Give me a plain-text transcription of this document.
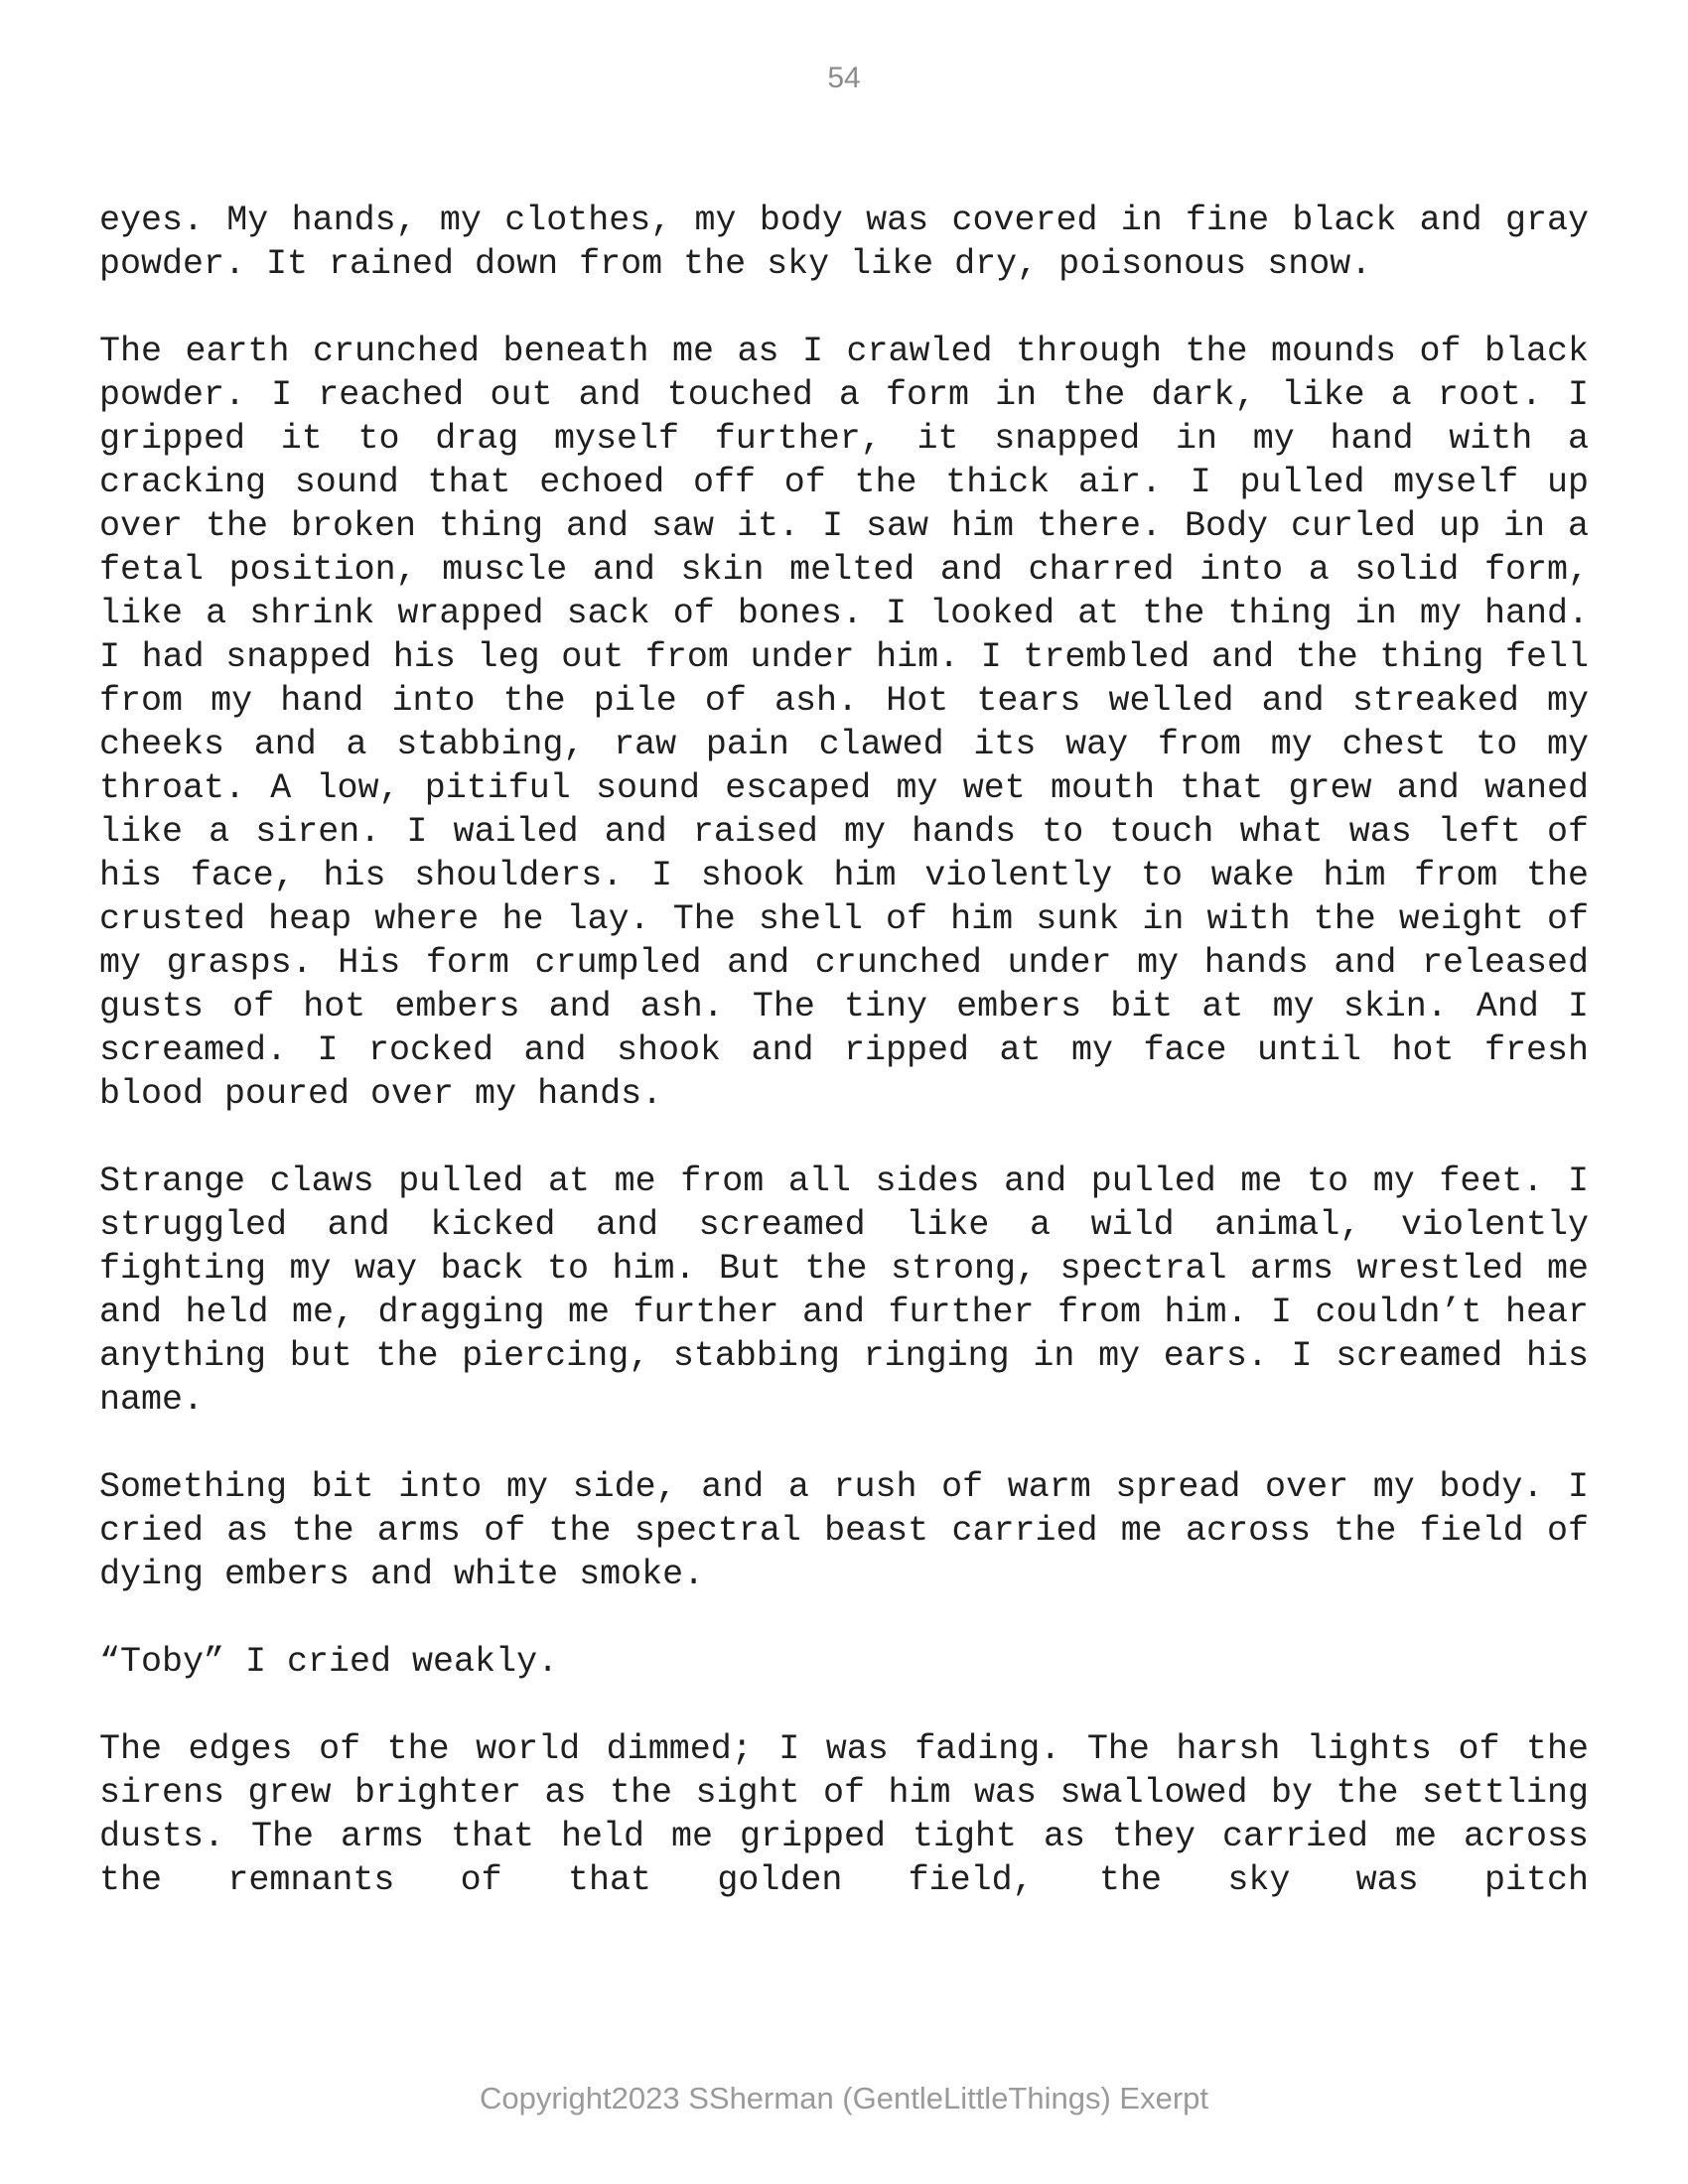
54

eyes. My hands, my clothes, my body was covered in fine black and gray powder. It rained down from the sky like dry, poisonous snow.

The earth crunched beneath me as I crawled through the mounds of black powder. I reached out and touched a form in the dark, like a root. I gripped it to drag myself further, it snapped in my hand with a cracking sound that echoed off of the thick air. I pulled myself up over the broken thing and saw it. I saw him there. Body curled up in a fetal position, muscle and skin melted and charred into a solid form, like a shrink wrapped sack of bones. I looked at the thing in my hand. I had snapped his leg out from under him. I trembled and the thing fell from my hand into the pile of ash. Hot tears welled and streaked my cheeks and a stabbing, raw pain clawed its way from my chest to my throat. A low, pitiful sound escaped my wet mouth that grew and waned like a siren. I wailed and raised my hands to touch what was left of his face, his shoulders. I shook him violently to wake him from the crusted heap where he lay. The shell of him sunk in with the weight of my grasps. His form crumpled and crunched under my hands and released gusts of hot embers and ash. The tiny embers bit at my skin. And I screamed. I rocked and shook and ripped at my face until hot fresh blood poured over my hands.

Strange claws pulled at me from all sides and pulled me to my feet. I struggled and kicked and screamed like a wild animal, violently fighting my way back to him. But the strong, spectral arms wrestled me and held me, dragging me further and further from him. I couldn’t hear anything but the piercing, stabbing ringing in my ears. I screamed his name.

Something bit into my side, and a rush of warm spread over my body. I cried as the arms of the spectral beast carried me across the field of dying embers and white smoke.

“Toby” I cried weakly.

The edges of the world dimmed; I was fading. The harsh lights of the sirens grew brighter as the sight of him was swallowed by the settling dusts. The arms that held me gripped tight as they carried me across the remnants of that golden field, the sky was pitch

Copyright2023 SSherman (GentleLittleThings) Exerpt
